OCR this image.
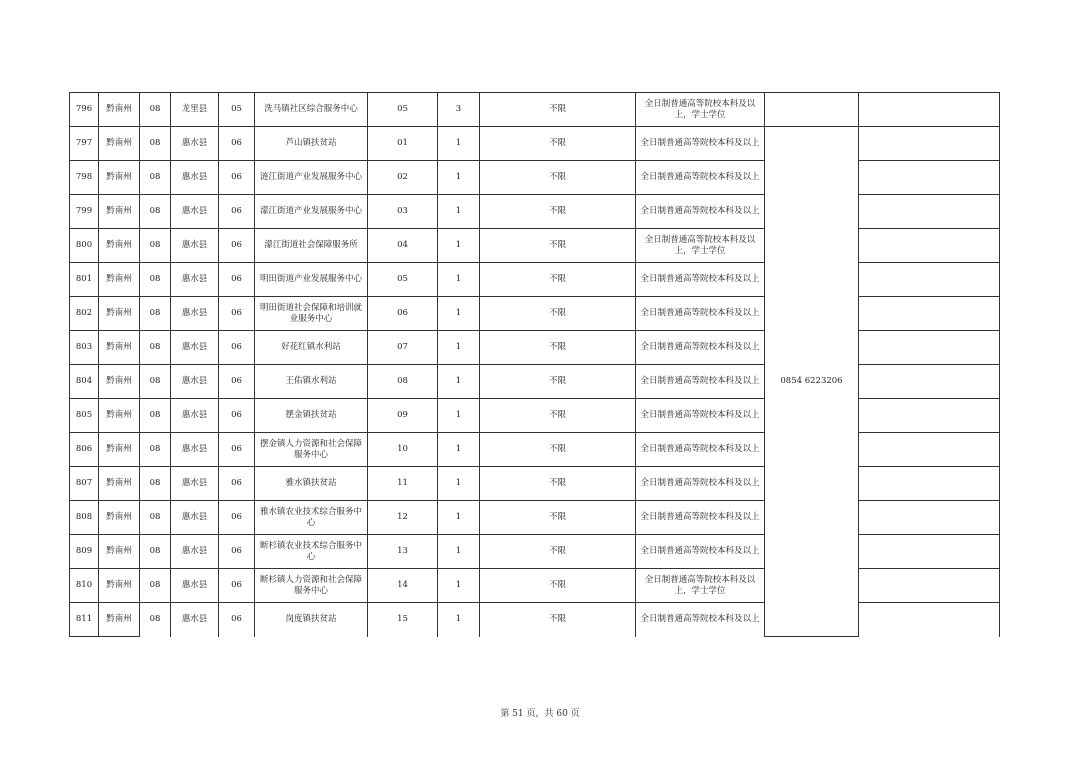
796	黔南州	08	龙里县	05	洗马镇社区综合服务中心	05	3	不限	全日制普通高等院校本科及以上，学士学位		
797	黔南州	08	惠水县	06	芦山镇扶贫站	01	1	不限	全日制普通高等院校本科及以上	0854 6223206	
798	黔南州	08	惠水县	06	涟江街道产业发展服务中心	02	1	不限	全日制普通高等院校本科及以上		
799	黔南州	08	惠水县	06	濛江街道产业发展服务中心	03	1	不限	全日制普通高等院校本科及以上		
800	黔南州	08	惠水县	06	濛江街道社会保障服务所	04	1	不限	全日制普通高等院校本科及以上，学士学位		
801	黔南州	08	惠水县	06	明田街道产业发展服务中心	05	1	不限	全日制普通高等院校本科及以上		
802	黔南州	08	惠水县	06	明田街道社会保障和培训就业服务中心	06	1	不限	全日制普通高等院校本科及以上		
803	黔南州	08	惠水县	06	好花红镇水利站	07	1	不限	全日制普通高等院校本科及以上		
804	黔南州	08	惠水县	06	王佑镇水利站	08	1	不限	全日制普通高等院校本科及以上		
805	黔南州	08	惠水县	06	摆金镇扶贫站	09	1	不限	全日制普通高等院校本科及以上		
806	黔南州	08	惠水县	06	摆金镇人力资源和社会保障服务中心	10	1	不限	全日制普通高等院校本科及以上		
807	黔南州	08	惠水县	06	雅水镇扶贫站	11	1	不限	全日制普通高等院校本科及以上		
808	黔南州	08	惠水县	06	雅水镇农业技术综合服务中心	12	1	不限	全日制普通高等院校本科及以上		
809	黔南州	08	惠水县	06	断杉镇农业技术综合服务中心	13	1	不限	全日制普通高等院校本科及以上		
810	黔南州	08	惠水县	06	断杉镇人力资源和社会保障服务中心	14	1	不限	全日制普通高等院校本科及以上，学士学位		
811	黔南州	08	惠水县	06	岗度镇扶贫站	15	1	不限	全日制普通高等院校本科及以上		
第 51 页，共 60 页
